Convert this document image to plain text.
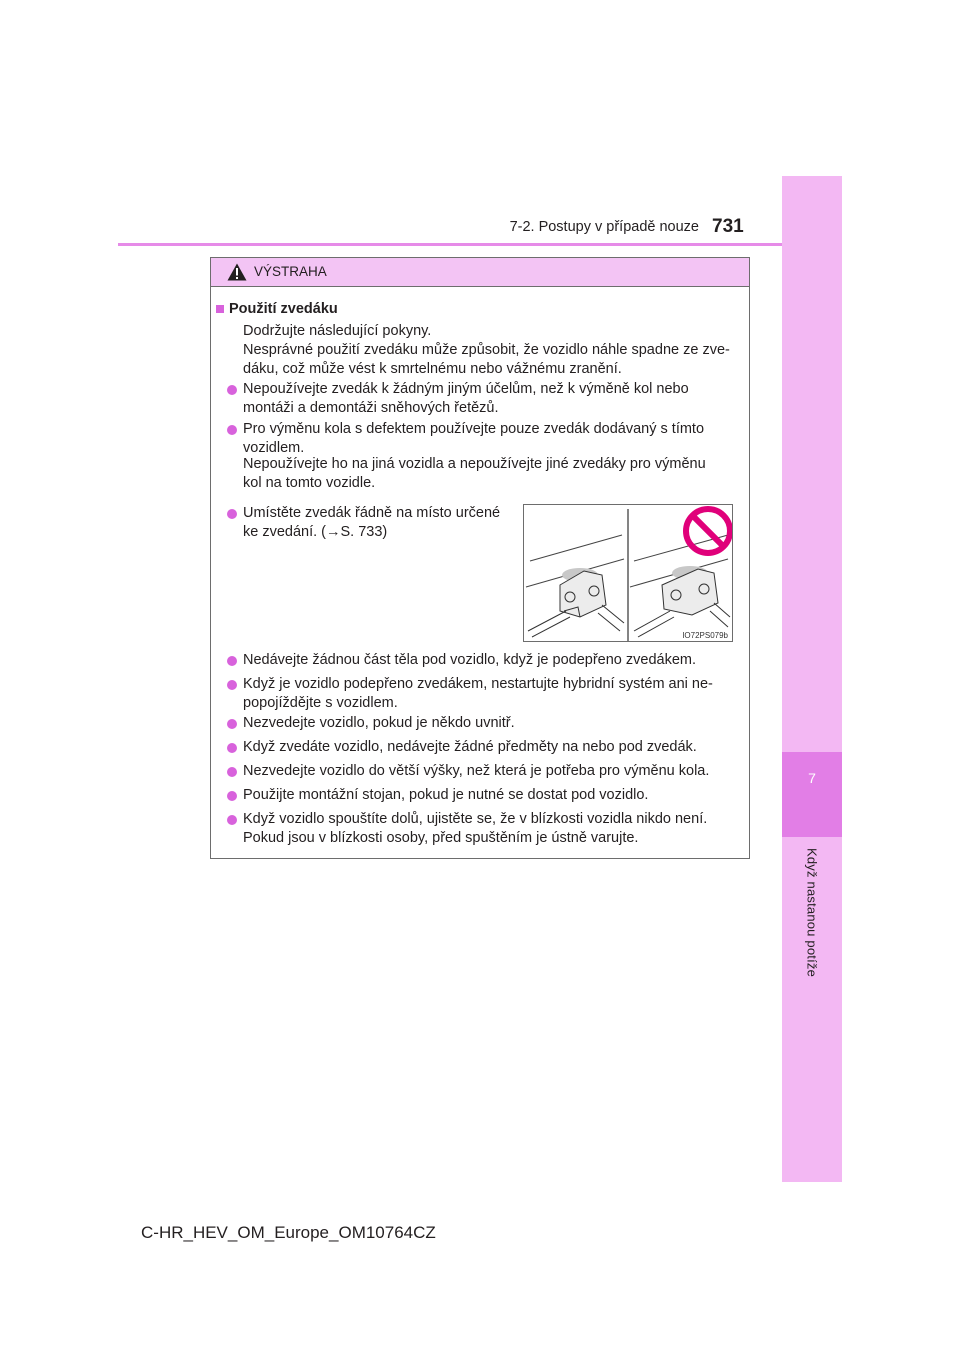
7
Když nastanou potíže
7-2. Postupy v případě nouze 731
VÝSTRAHA
Použití zvedáku
Dodržujte následující pokyny.
Nesprávné použití zvedáku může způsobit, že vozidlo náhle spadne ze zve-
dáku, což může vést k smrtelnému nebo vážnému zranění.
Nepoužívejte zvedák k žádným jiným účelům, než k výměně kol nebo
montáži a demontáži sněhových řetězů.
Pro výměnu kola s defektem používejte pouze zvedák dodávaný s tímto
vozidlem.
Nepoužívejte ho na jiná vozidla a nepoužívejte jiné zvedáky pro výměnu
kol na tomto vozidle.
Umístěte zvedák řádně na místo určené
ke zvedání. (→S. 733)
IO72PS079b
Nedávejte žádnou část těla pod vozidlo, když je podepřeno zvedákem.
Když je vozidlo podepřeno zvedákem, nestartujte hybridní systém ani ne-
popojíždějte s vozidlem.
Nezvedejte vozidlo, pokud je někdo uvnitř.
Když zvedáte vozidlo, nedávejte žádné předměty na nebo pod zvedák.
Nezvedejte vozidlo do větší výšky, než která je potřeba pro výměnu kola.
Použijte montážní stojan, pokud je nutné se dostat pod vozidlo.
Když vozidlo spouštíte dolů, ujistěte se, že v blízkosti vozidla nikdo není.
Pokud jsou v blízkosti osoby, před spuštěním je ústně varujte.
C-HR_HEV_OM_Europe_OM10764CZ
